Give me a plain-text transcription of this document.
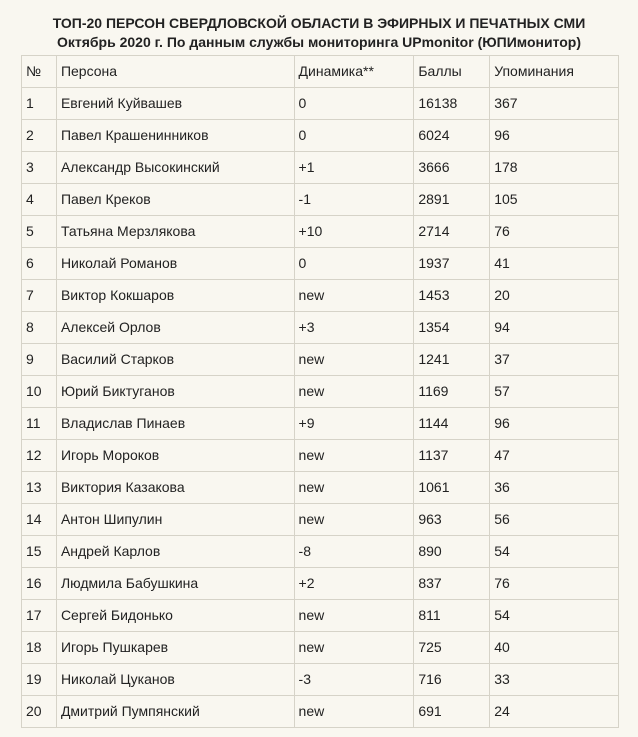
ТОП-20 ПЕРСОН СВЕРДЛОВСКОЙ ОБЛАСТИ В ЭФИРНЫХ И ПЕЧАТНЫХ СМИ

Октябрь 2020 г. По данным службы мониторинга UPmonitor (ЮПИмонитор)

№	Персона	Динамика**	Баллы	Упоминания
1	Евгений Куйвашев	0	16138	367
2	Павел Крашенинников	0	6024	96
3	Александр Высокинский	+1	3666	178
4	Павел Креков	-1	2891	105
5	Татьяна Мерзлякова	+10	2714	76
6	Николай Романов	0	1937	41
7	Виктор Кокшаров	new	1453	20
8	Алексей Орлов	+3	1354	94
9	Василий Старков	new	1241	37
10	Юрий Биктуганов	new	1169	57
11	Владислав Пинаев	+9	1144	96
12	Игорь Мороков	new	1137	47
13	Виктория Казакова	new	1061	36
14	Антон Шипулин	new	963	56
15	Андрей Карлов	-8	890	54
16	Людмила Бабушкина	+2	837	76
17	Сергей Бидонько	new	811	54
18	Игорь Пушкарев	new	725	40
19	Николай Цуканов	-3	716	33
20	Дмитрий Пумпянский	new	691	24
